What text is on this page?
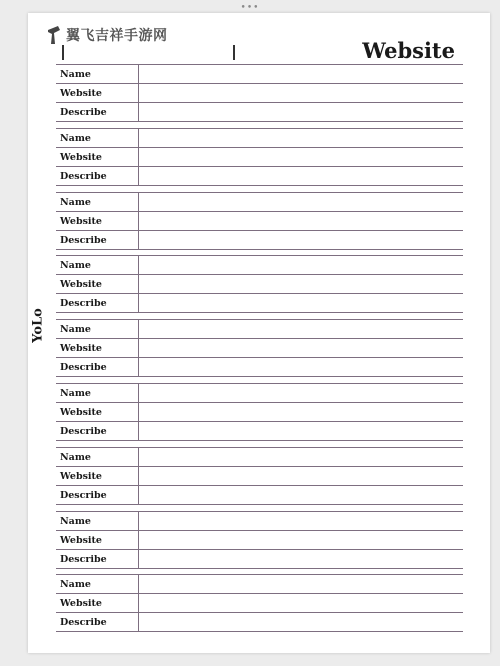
•••
翼飞吉祥手游网
Website
YoLo
Name
Website
Describe
Name
Website
Describe
Name
Website
Describe
Name
Website
Describe
Name
Website
Describe
Name
Website
Describe
Name
Website
Describe
Name
Website
Describe
Name
Website
Describe
